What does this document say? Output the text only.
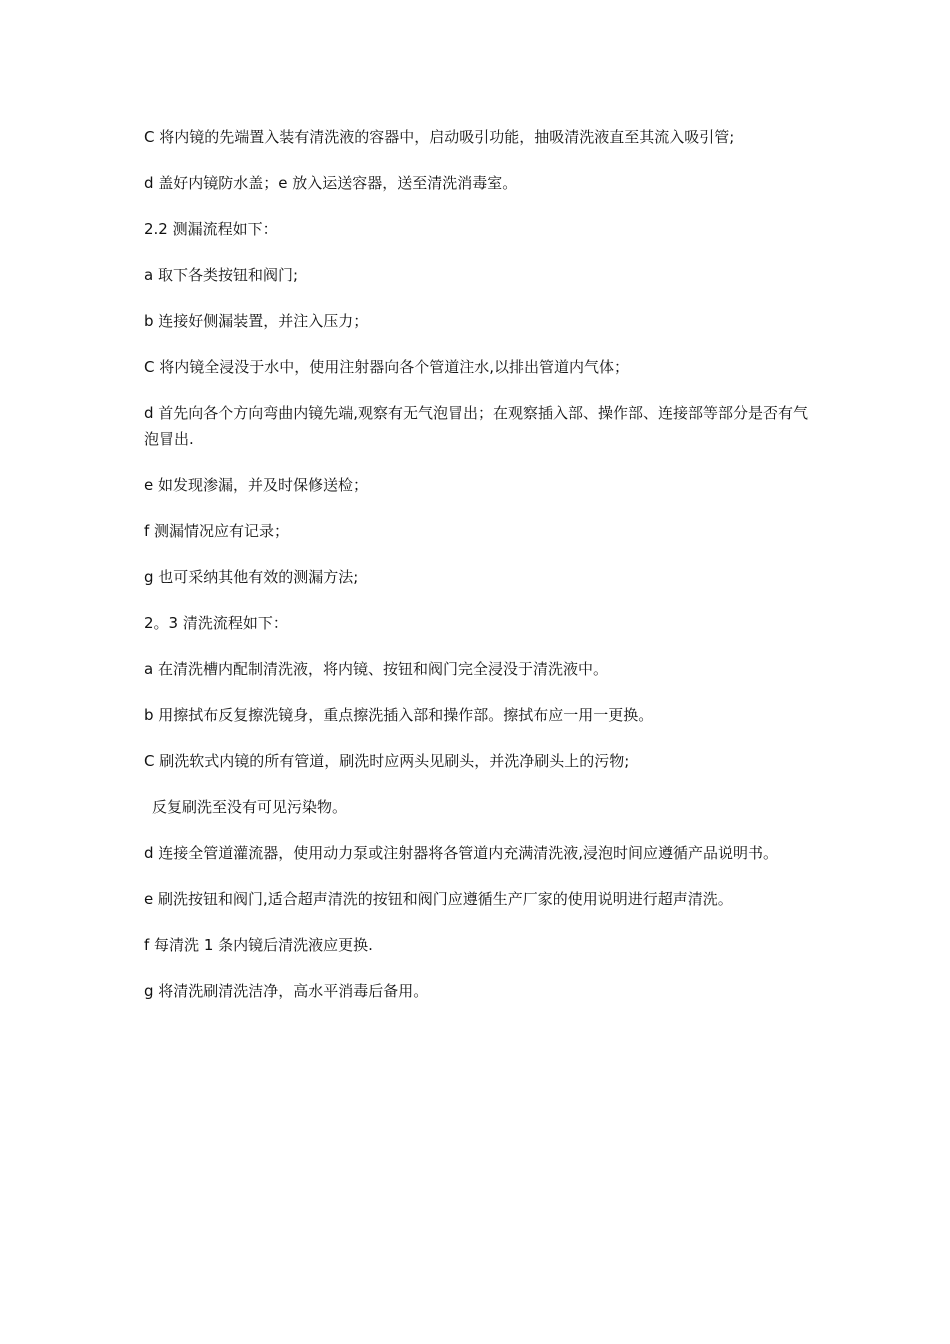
C 将内镜的先端置入装有清洗液的容器中，启动吸引功能，抽吸清洗液直至其流入吸引管;

d 盖好内镜防水盖；e 放入运送容器，送至清洗消毒室。

2.2 测漏流程如下：

a 取下各类按钮和阀门;

b 连接好侧漏装置，并注入压力；

C 将内镜全浸没于水中，使用注射器向各个管道注水,以排出管道内气体；

d 首先向各个方向弯曲内镜先端,观察有无气泡冒出；在观察插入部、操作部、连接部等部分是否有气泡冒出.

e 如发现渗漏，并及时保修送检；

f 测漏情况应有记录；

g 也可采纳其他有效的测漏方法;

2。3 清洗流程如下：

a 在清洗槽内配制清洗液，将内镜、按钮和阀门完全浸没于清洗液中。

b 用擦拭布反复擦洗镜身，重点擦洗插入部和操作部。擦拭布应一用一更换。

C 刷洗软式内镜的所有管道，刷洗时应两头见刷头，并洗净刷头上的污物;

反复刷洗至没有可见污染物。

d 连接全管道灌流器，使用动力泵或注射器将各管道内充满清洗液,浸泡时间应遵循产品说明书。

e 刷洗按钮和阀门,适合超声清洗的按钮和阀门应遵循生产厂家的使用说明进行超声清洗。

f 每清洗 1 条内镜后清洗液应更换.

g 将清洗刷清洗洁净，高水平消毒后备用。
